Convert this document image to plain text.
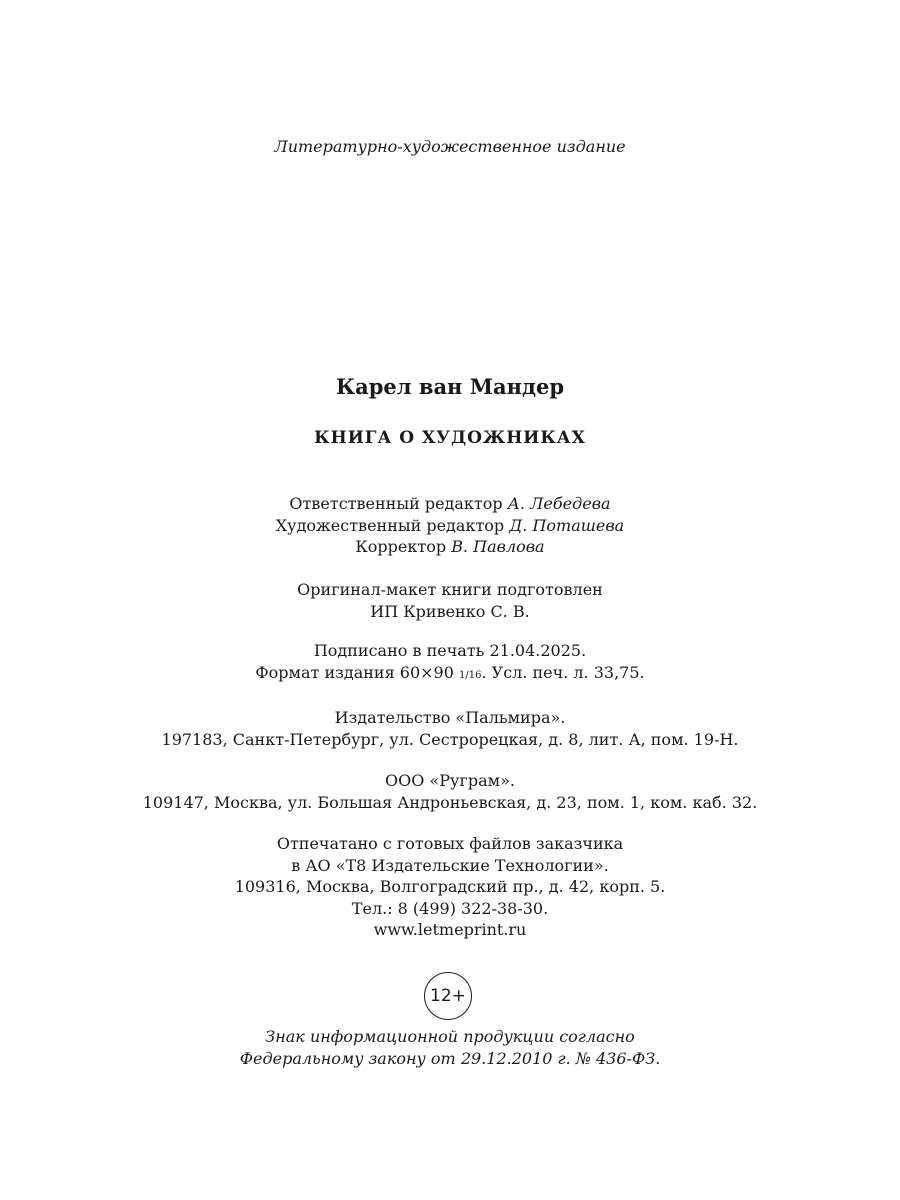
Литературно-художественное издание
Карел ван Мандер
КНИГА О ХУДОЖНИКАХ
Ответственный редактор А. Лебедева
Художественный редактор Д. Поташева
Корректор В. Павлова
Оригинал-макет книги подготовлен
ИП Кривенко С. В.
Подписано в печать 21.04.2025.
Формат издания 60×90 1/16. Усл. печ. л. 33,75.
Издательство «Пальмира».
197183, Санкт-Петербург, ул. Сестрорецкая, д. 8, лит. А, пом. 19-Н.
ООО «Руграм».
109147, Москва, ул. Большая Андроньевская, д. 23, пом. 1, ком. каб. 32.
Отпечатано с готовых файлов заказчика
в АО «Т8 Издательские Технологии».
109316, Москва, Волгоградский пр., д. 42, корп. 5.
Тел.: 8 (499) 322-38-30.
www.letmeprint.ru
12+
Знак информационной продукции согласно
Федеральному закону от 29.12.2010 г. № 436-ФЗ.
